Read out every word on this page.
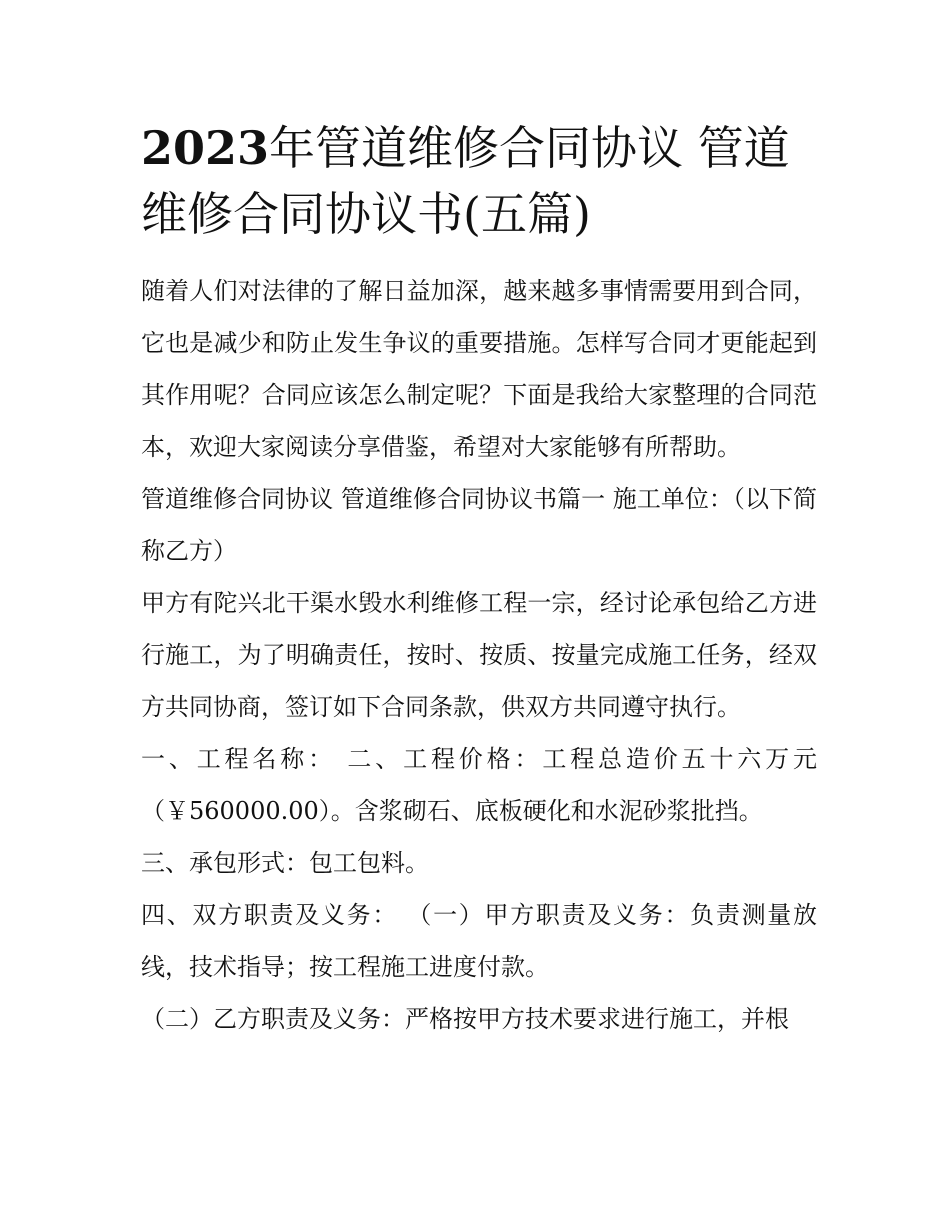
2023年管道维修合同协议 管道维修合同协议书(五篇)

随着人们对法律的了解日益加深，越来越多事情需要用到合同，它也是减少和防止发生争议的重要措施。怎样写合同才更能起到其作用呢？合同应该怎么制定呢？下面是我给大家整理的合同范本，欢迎大家阅读分享借鉴，希望对大家能够有所帮助。

管道维修合同协议 管道维修合同协议书篇一 施工单位：（以下简称乙方）

甲方有陀兴北干渠水毁水利维修工程一宗，经讨论承包给乙方进行施工，为了明确责任，按时、按质、按量完成施工任务，经双方共同协商，签订如下合同条款，供双方共同遵守执行。

一、工程名称： 二、工程价格：工程总造价五十六万元（￥560000.00）。含浆砌石、底板硬化和水泥砂浆批挡。

三、承包形式：包工包料。

四、双方职责及义务： （一）甲方职责及义务：负责测量放线，技术指导；按工程施工进度付款。

（二）乙方职责及义务：严格按甲方技术要求进行施工，并根
